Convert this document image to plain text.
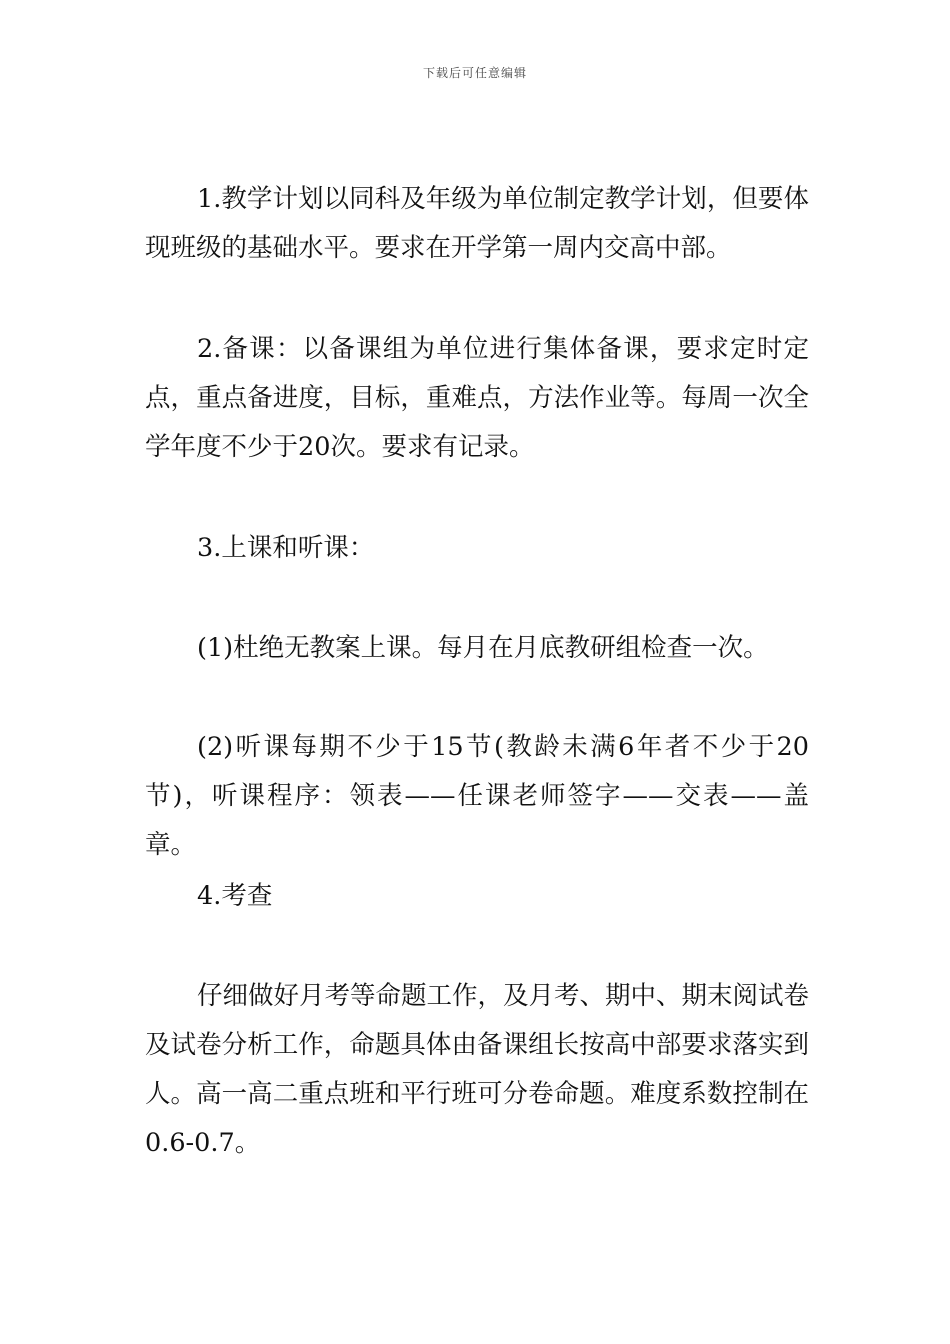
下载后可任意编辑

1.教学计划以同科及年级为单位制定教学计划，但要体现班级的基础水平。要求在开学第一周内交高中部。

2.备课：以备课组为单位进行集体备课，要求定时定点，重点备进度，目标，重难点，方法作业等。每周一次全学年度不少于20次。要求有记录。

3.上课和听课：

(1)杜绝无教案上课。每月在月底教研组检查一次。

(2)听课每期不少于15节(教龄未满6年者不少于20节)，听课程序：领表——任课老师签字——交表——盖章。

4.考查

仔细做好月考等命题工作，及月考、期中、期末阅试卷及试卷分析工作，命题具体由备课组长按高中部要求落实到人。高一高二重点班和平行班可分卷命题。难度系数控制在0.6-0.7。
